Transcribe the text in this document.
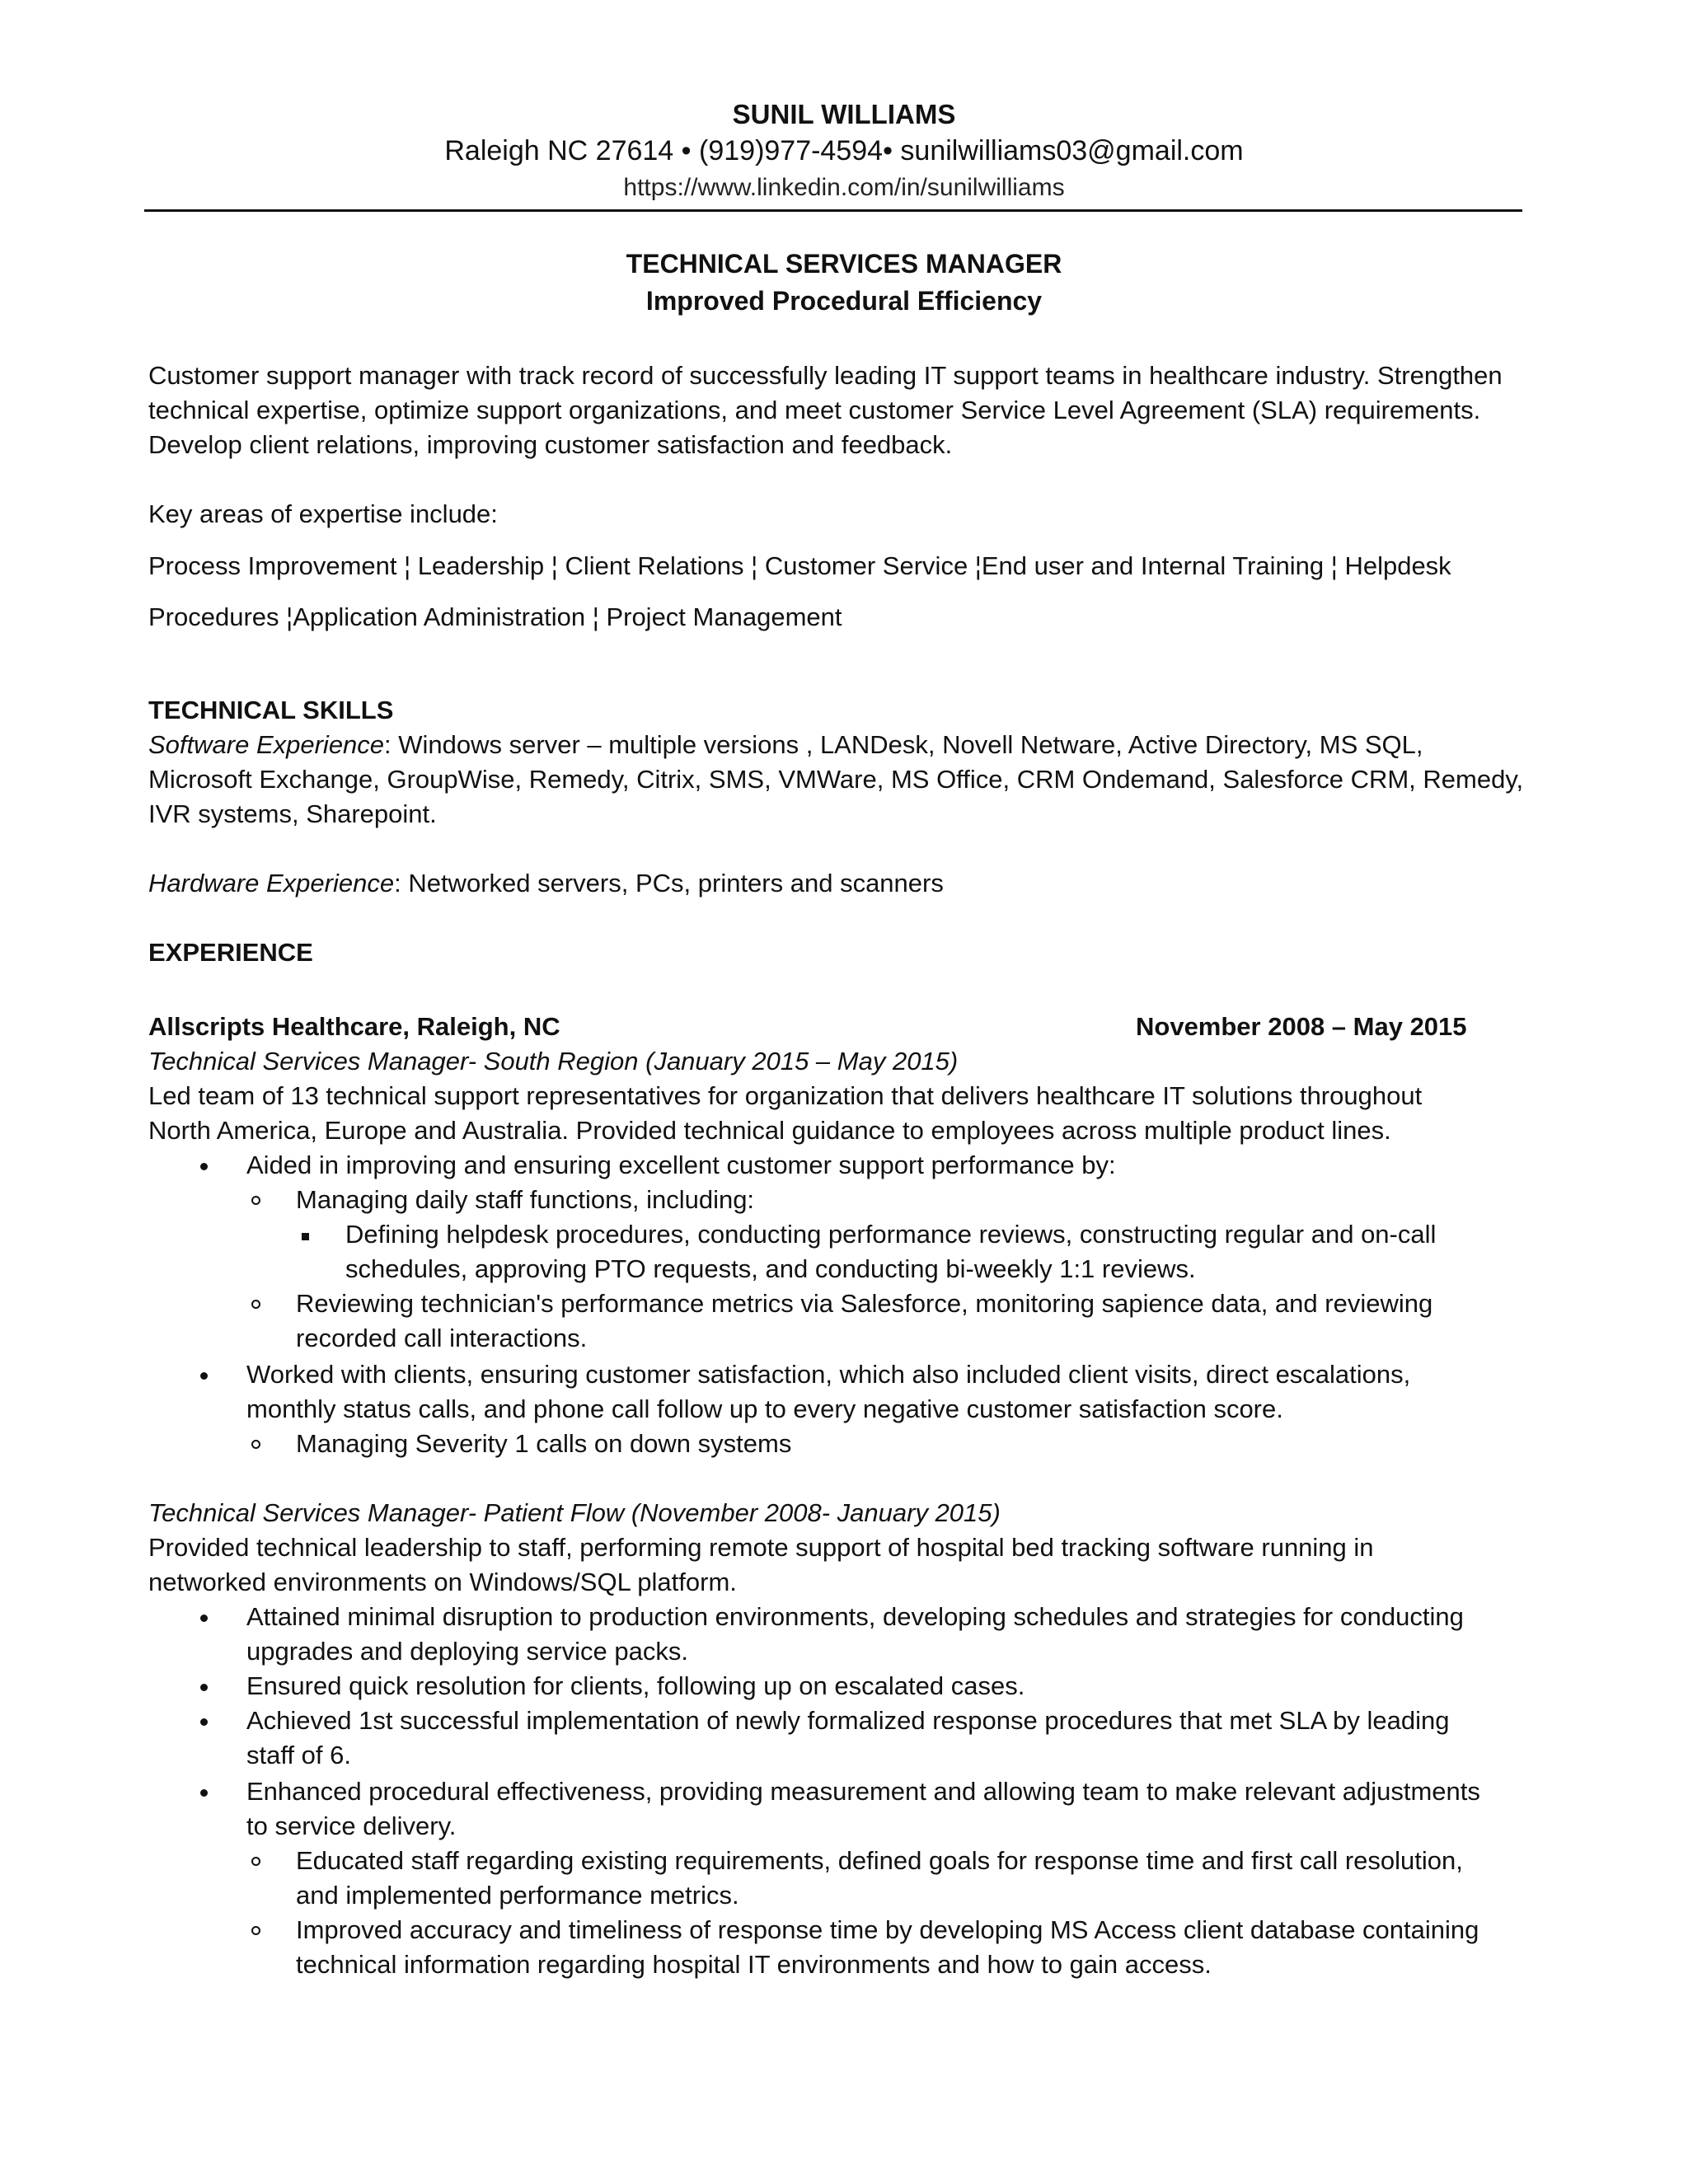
SUNIL WILLIAMS
Raleigh NC 27614 • (919)977-4594• sunilwilliams03@gmail.com
https://www.linkedin.com/in/sunilwilliams
TECHNICAL SERVICES MANAGER
Improved Procedural Efficiency
Customer support manager with track record of successfully leading IT support teams in healthcare industry. Strengthen
technical expertise, optimize support organizations, and meet customer Service Level Agreement (SLA) requirements.
Develop client relations, improving customer satisfaction and feedback.
Key areas of expertise include:
Process Improvement ¦ Leadership ¦ Client Relations ¦ Customer Service ¦End user and Internal Training ¦ Helpdesk
Procedures ¦Application Administration ¦ Project Management
TECHNICAL SKILLS
Software Experience: Windows server – multiple versions , LANDesk, Novell Netware, Active Directory, MS SQL,
Microsoft Exchange, GroupWise, Remedy, Citrix, SMS, VMWare, MS Office, CRM Ondemand, Salesforce CRM, Remedy,
IVR systems, Sharepoint.
Hardware Experience: Networked servers, PCs, printers and scanners
EXPERIENCE
Allscripts Healthcare, Raleigh, NC	November 2008 – May 2015
Technical Services Manager- South Region (January 2015 – May 2015)
Led team of 13 technical support representatives for organization that delivers healthcare IT solutions throughout
North America, Europe and Australia. Provided technical guidance to employees across multiple product lines.
Aided in improving and ensuring excellent customer support performance by:
Managing daily staff functions, including:
Defining helpdesk procedures, conducting performance reviews, constructing regular and on-call
schedules, approving PTO requests, and conducting bi-weekly 1:1 reviews.
Reviewing technician's performance metrics via Salesforce, monitoring sapience data, and reviewing
recorded call interactions.
Worked with clients, ensuring customer satisfaction, which also included client visits, direct escalations,
monthly status calls, and phone call follow up to every negative customer satisfaction score.
Managing Severity 1 calls on down systems
Technical Services Manager- Patient Flow (November 2008- January 2015)
Provided technical leadership to staff, performing remote support of hospital bed tracking software running in
networked environments on Windows/SQL platform.
Attained minimal disruption to production environments, developing schedules and strategies for conducting
upgrades and deploying service packs.
Ensured quick resolution for clients, following up on escalated cases.
Achieved 1st successful implementation of newly formalized response procedures that met SLA by leading
staff of 6.
Enhanced procedural effectiveness, providing measurement and allowing team to make relevant adjustments
to service delivery.
Educated staff regarding existing requirements, defined goals for response time and first call resolution,
and implemented performance metrics.
Improved accuracy and timeliness of response time by developing MS Access client database containing
technical information regarding hospital IT environments and how to gain access.
